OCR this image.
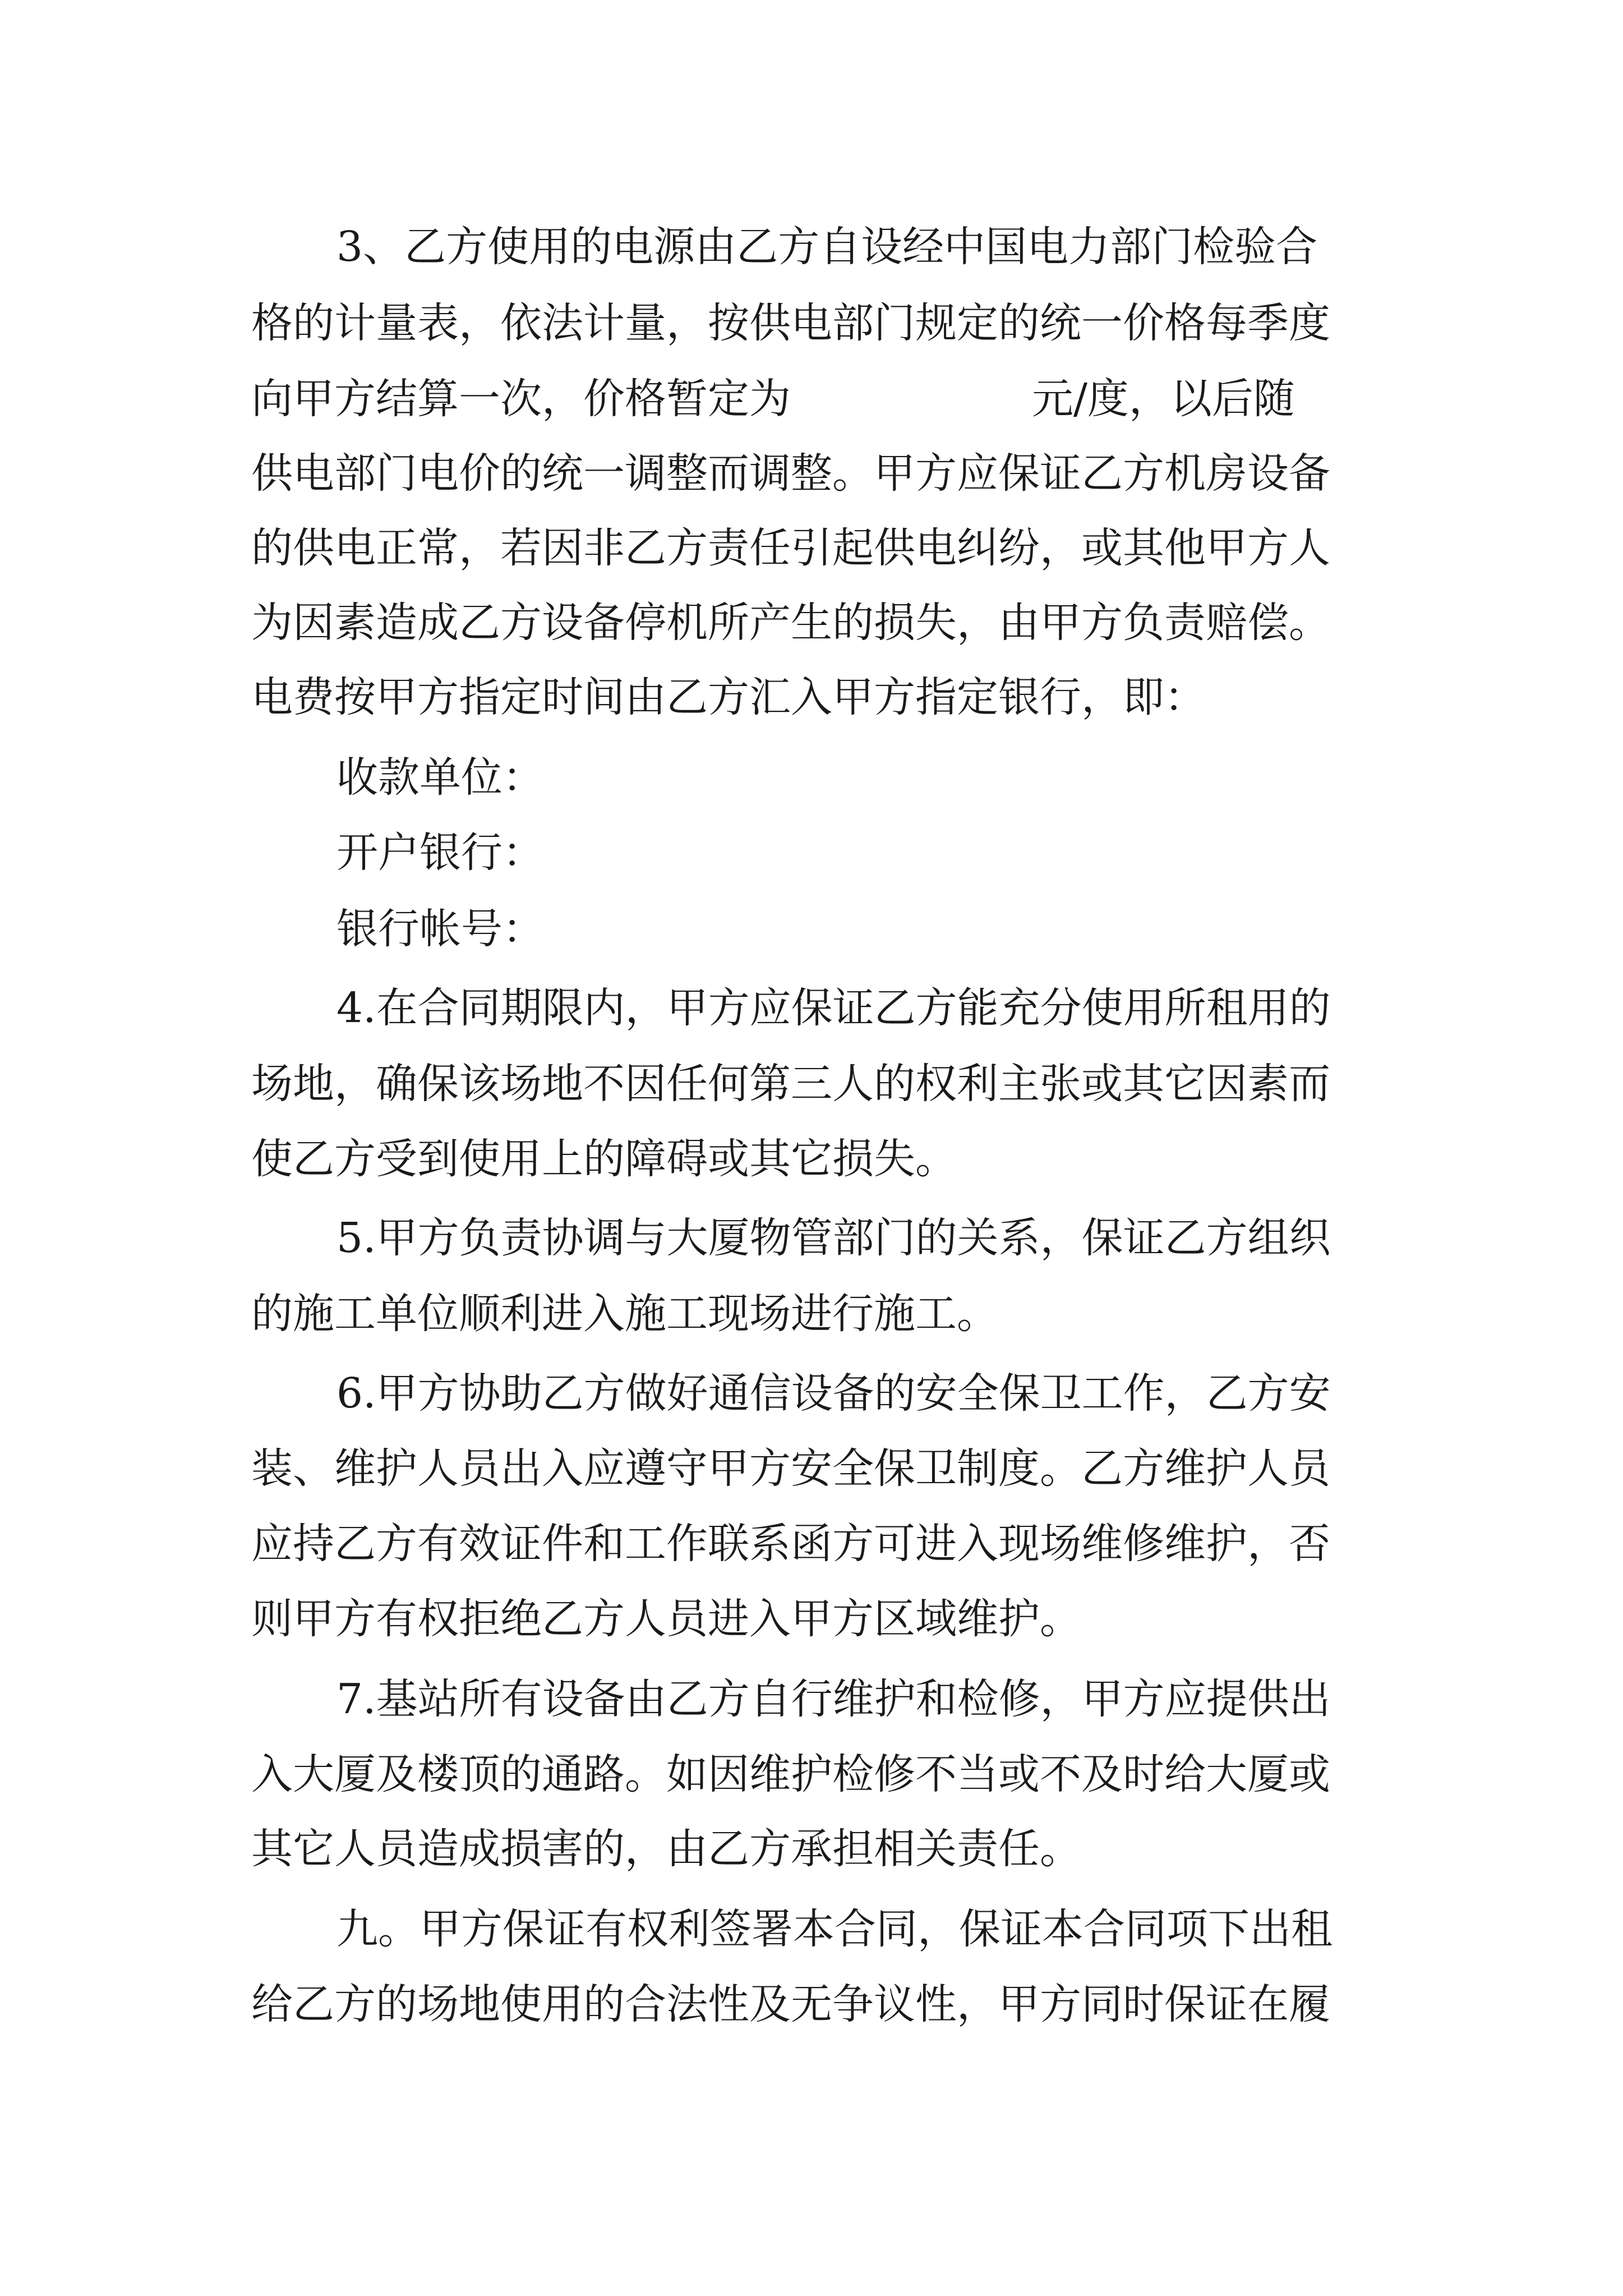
3、乙方使用的电源由乙方自设经中国电力部门检验合
格的计量表，依法计量，按供电部门规定的统一价格每季度
向甲方结算一次，价格暂定为	元/度，以后随
供电部门电价的统一调整而调整。甲方应保证乙方机房设备
的供电正常，若因非乙方责任引起供电纠纷，或其他甲方人
为因素造成乙方设备停机所产生的损失，由甲方负责赔偿。
电费按甲方指定时间由乙方汇入甲方指定银行，即：
收款单位：
开户银行：
银行帐号：
4.在合同期限内，甲方应保证乙方能充分使用所租用的
场地，确保该场地不因任何第三人的权利主张或其它因素而
使乙方受到使用上的障碍或其它损失。
5.甲方负责协调与大厦物管部门的关系，保证乙方组织
的施工单位顺利进入施工现场进行施工。
6.甲方协助乙方做好通信设备的安全保卫工作，乙方安
装、维护人员出入应遵守甲方安全保卫制度。乙方维护人员
应持乙方有效证件和工作联系函方可进入现场维修维护，否
则甲方有权拒绝乙方人员进入甲方区域维护。
7.基站所有设备由乙方自行维护和检修，甲方应提供出
入大厦及楼顶的通路。如因维护检修不当或不及时给大厦或
其它人员造成损害的，由乙方承担相关责任。
九。甲方保证有权利签署本合同，保证本合同项下出租
给乙方的场地使用的合法性及无争议性，甲方同时保证在履
